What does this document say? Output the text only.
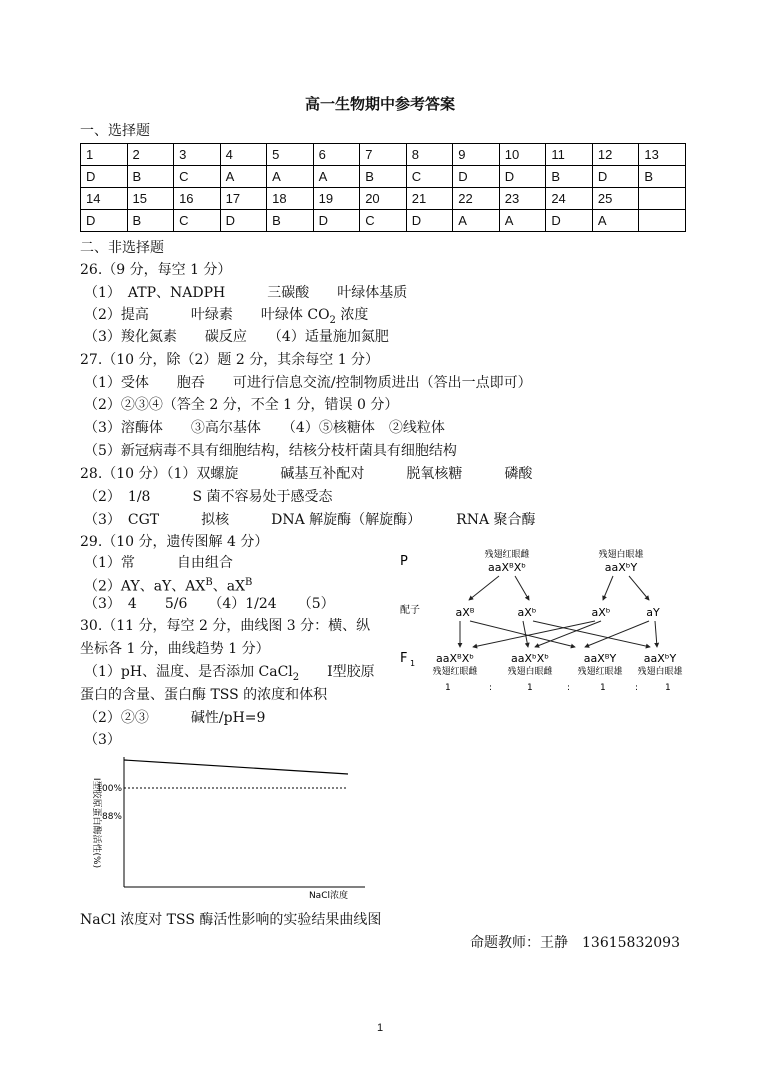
高一生物期中参考答案
一、选择题
1	2	3	4	5	6	7	8	9	10	11	12	13
D	B	C	A	A	A	B	C	D	D	B	D	B
14	15	16	17	18	19	20	21	22	23	24	25	
D	B	C	D	B	D	C	D	A	A	D	A	
二、非选择题
26.（9 分，每空 1 分）
（1）　ATP、NADPH　　　三碳酸　　叶绿体基质
（2）提高　　　叶绿素　　叶绿体 $CO_2$ 浓度
（3）羧化氮素　　碳反应　　（4）适量施加氮肥
27.（10 分，除（2）题 2 分，其余每空 1 分）
（1）受体　　胞吞　　可进行信息交流/控制物质进出（答出一点即可）
（2）②③④（答全 2 分，不全 1 分，错误 0 分）
（3）溶酶体　　③高尔基体　　（4）⑤核糖体　②线粒体
（5）新冠病毒不具有细胞结构，结核分枝杆菌具有细胞结构
28.（10 分）（1）双螺旋　　　碱基互补配对　　　脱氧核糖　　　磷酸
（2）　1/8　　　S 菌不容易处于感受态
（3）　CGT　　　拟核　　　DNA 解旋酶（解旋酶）　　　RNA 聚合酶
29.（10 分，遗传图解 4 分）
（1）常　　　自由组合
（2）AY、aY、$AX^B$、$aX^B$
（3）　4　　5/6　　（4）1/24　　（5）
30.（11 分，每空 2 分，曲线图 3 分：横、纵
坐标各 1 分，曲线趋势 1 分）
（1）pH、温度、是否添加 CaCl$_2$　　Ⅰ型胶原
蛋白的含量、蛋白酶 TSS 的浓度和体积
（2）②③　　　碱性/pH=9
（3）
P
配子
F 1
残翅红眼雌
aaXᴮXᵇ
残翅白眼雄
aaXᵇY
aXᴮ	aXᵇ	aXᵇ	aY
aaXᴮXᵇ
残翅红眼雌
aaXᵇXᵇ
残翅白眼雌
aaXᴮY
残翅红眼雄
aaXᵇY
残翅白眼雄
1	:	1	:	1	:	1
Ⅰ型胶原蛋白酶活性(%)
NaCl浓度
100%
88%
NaCl 浓度对 TSS 酶活性影响的实验结果曲线图
命题教师：王静　13615832093
1
